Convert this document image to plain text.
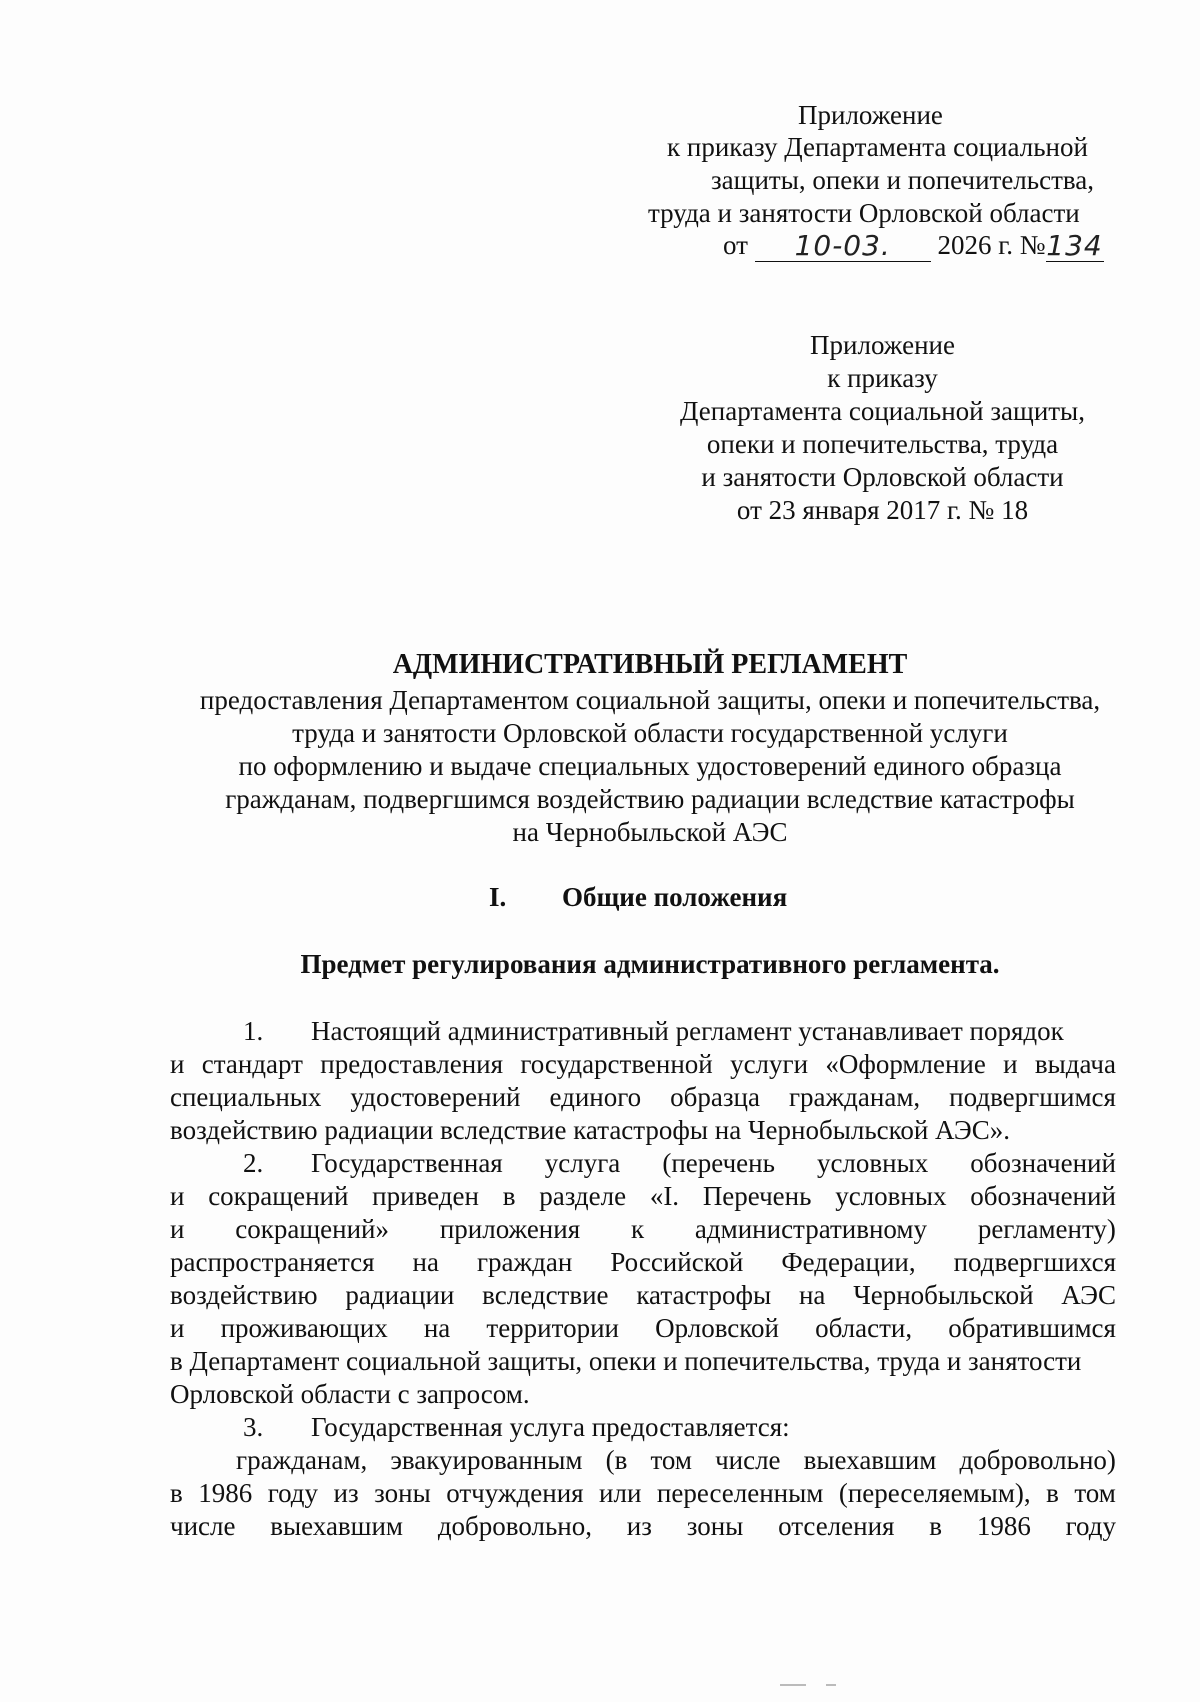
Приложение
к приказу Департамента социальной
защиты, опеки и попечительства,
труда и занятости Орловской области
от 10-03. 2026 г. №134
Приложение
к приказу
Департамента социальной защиты,
опеки и попечительства, труда
и занятости Орловской области
от 23 января 2017 г. № 18
АДМИНИСТРАТИВНЫЙ РЕГЛАМЕНТ
предоставления Департаментом социальной защиты, опеки и попечительства,
труда и занятости Орловской области государственной услуги
по оформлению и выдаче специальных удостоверений единого образца
гражданам, подвергшимся воздействию радиации вследствие катастрофы
на Чернобыльской АЭС
I. Общие положения
Предмет регулирования административного регламента.
1. Настоящий административный регламент устанавливает порядок
и стандарт предоставления государственной услуги «Оформление и выдача
специальных удостоверений единого образца гражданам, подвергшимся
воздействию радиации вследствие катастрофы на Чернобыльской АЭС».
2. Государственная услуга (перечень условных обозначений
и сокращений приведен в разделе «I. Перечень условных обозначений
и сокращений» приложения к административному регламенту)
распространяется на граждан Российской Федерации, подвергшихся
воздействию радиации вследствие катастрофы на Чернобыльской АЭС
и проживающих на территории Орловской области, обратившимся
в Департамент социальной защиты, опеки и попечительства, труда и занятости
Орловской области с запросом.
3. Государственная услуга предоставляется:
гражданам, эвакуированным (в том числе выехавшим добровольно)
в 1986 году из зоны отчуждения или переселенным (переселяемым), в том
числе выехавшим добровольно, из зоны отселения в 1986 году
